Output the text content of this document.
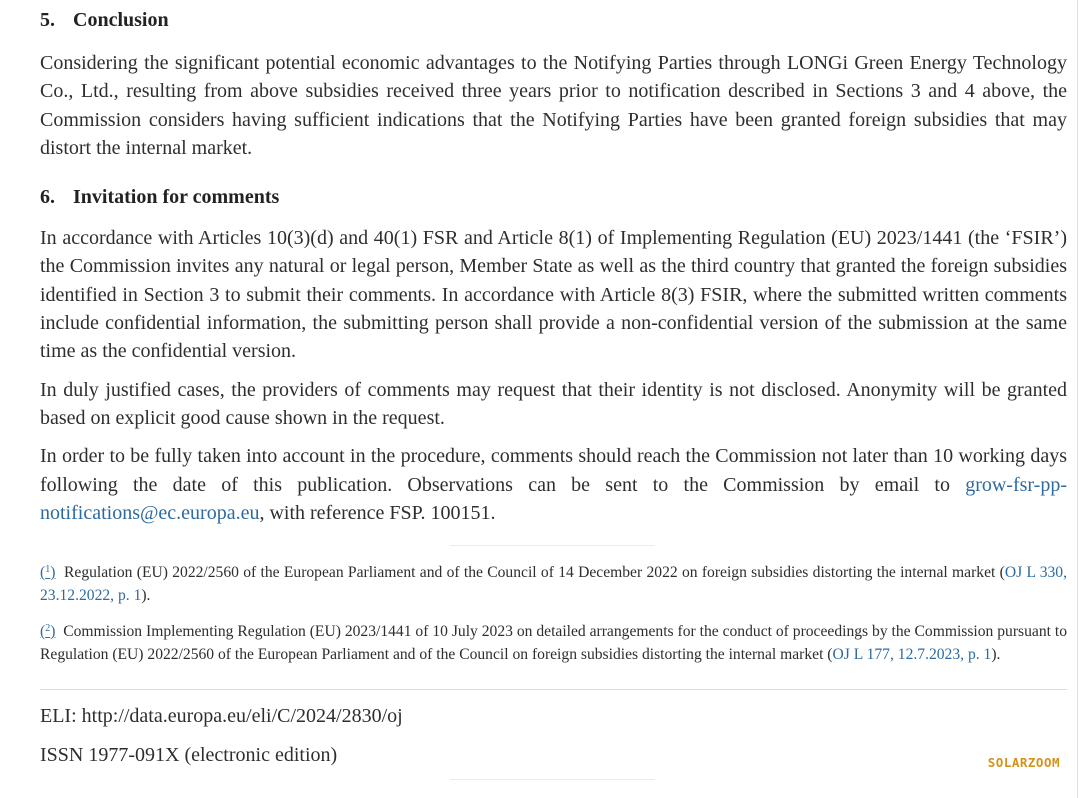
5. Conclusion

Considering the significant potential economic advantages to the Notifying Parties through LONGi Green Energy Technology Co., Ltd., resulting from above subsidies received three years prior to notification described in Sections 3 and 4 above, the Commission considers having sufficient indications that the Notifying Parties have been granted foreign subsidies that may distort the internal market.

6. Invitation for comments

In accordance with Articles 10(3)(d) and 40(1) FSR and Article 8(1) of Implementing Regulation (EU) 2023/1441 (the ‘FSIR’) the Commission invites any natural or legal person, Member State as well as the third country that granted the foreign subsidies identified in Section 3 to submit their comments. In accordance with Article 8(3) FSIR, where the submitted written comments include confidential information, the submitting person shall provide a non-confidential version of the submission at the same time as the confidential version.

In duly justified cases, the providers of comments may request that their identity is not disclosed. Anonymity will be granted based on explicit good cause shown in the request.

In order to be fully taken into account in the procedure, comments should reach the Commission not later than 10 working days following the date of this publication. Observations can be sent to the Commission by email to grow-fsr-pp-notifications@ec.europa.eu, with reference FSP. 100151.

($^1$) Regulation (EU) 2022/2560 of the European Parliament and of the Council of 14 December 2022 on foreign subsidies distorting the internal market (OJ L 330, 23.12.2022, p. 1).

($^2$) Commission Implementing Regulation (EU) 2023/1441 of 10 July 2023 on detailed arrangements for the conduct of proceedings by the Commission pursuant to Regulation (EU) 2022/2560 of the European Parliament and of the Council on foreign subsidies distorting the internal market (OJ L 177, 12.7.2023, p. 1).

ELI: http://data.europa.eu/eli/C/2024/2830/oj
ISSN 1977-091X (electronic edition)	SOLARZOOM
